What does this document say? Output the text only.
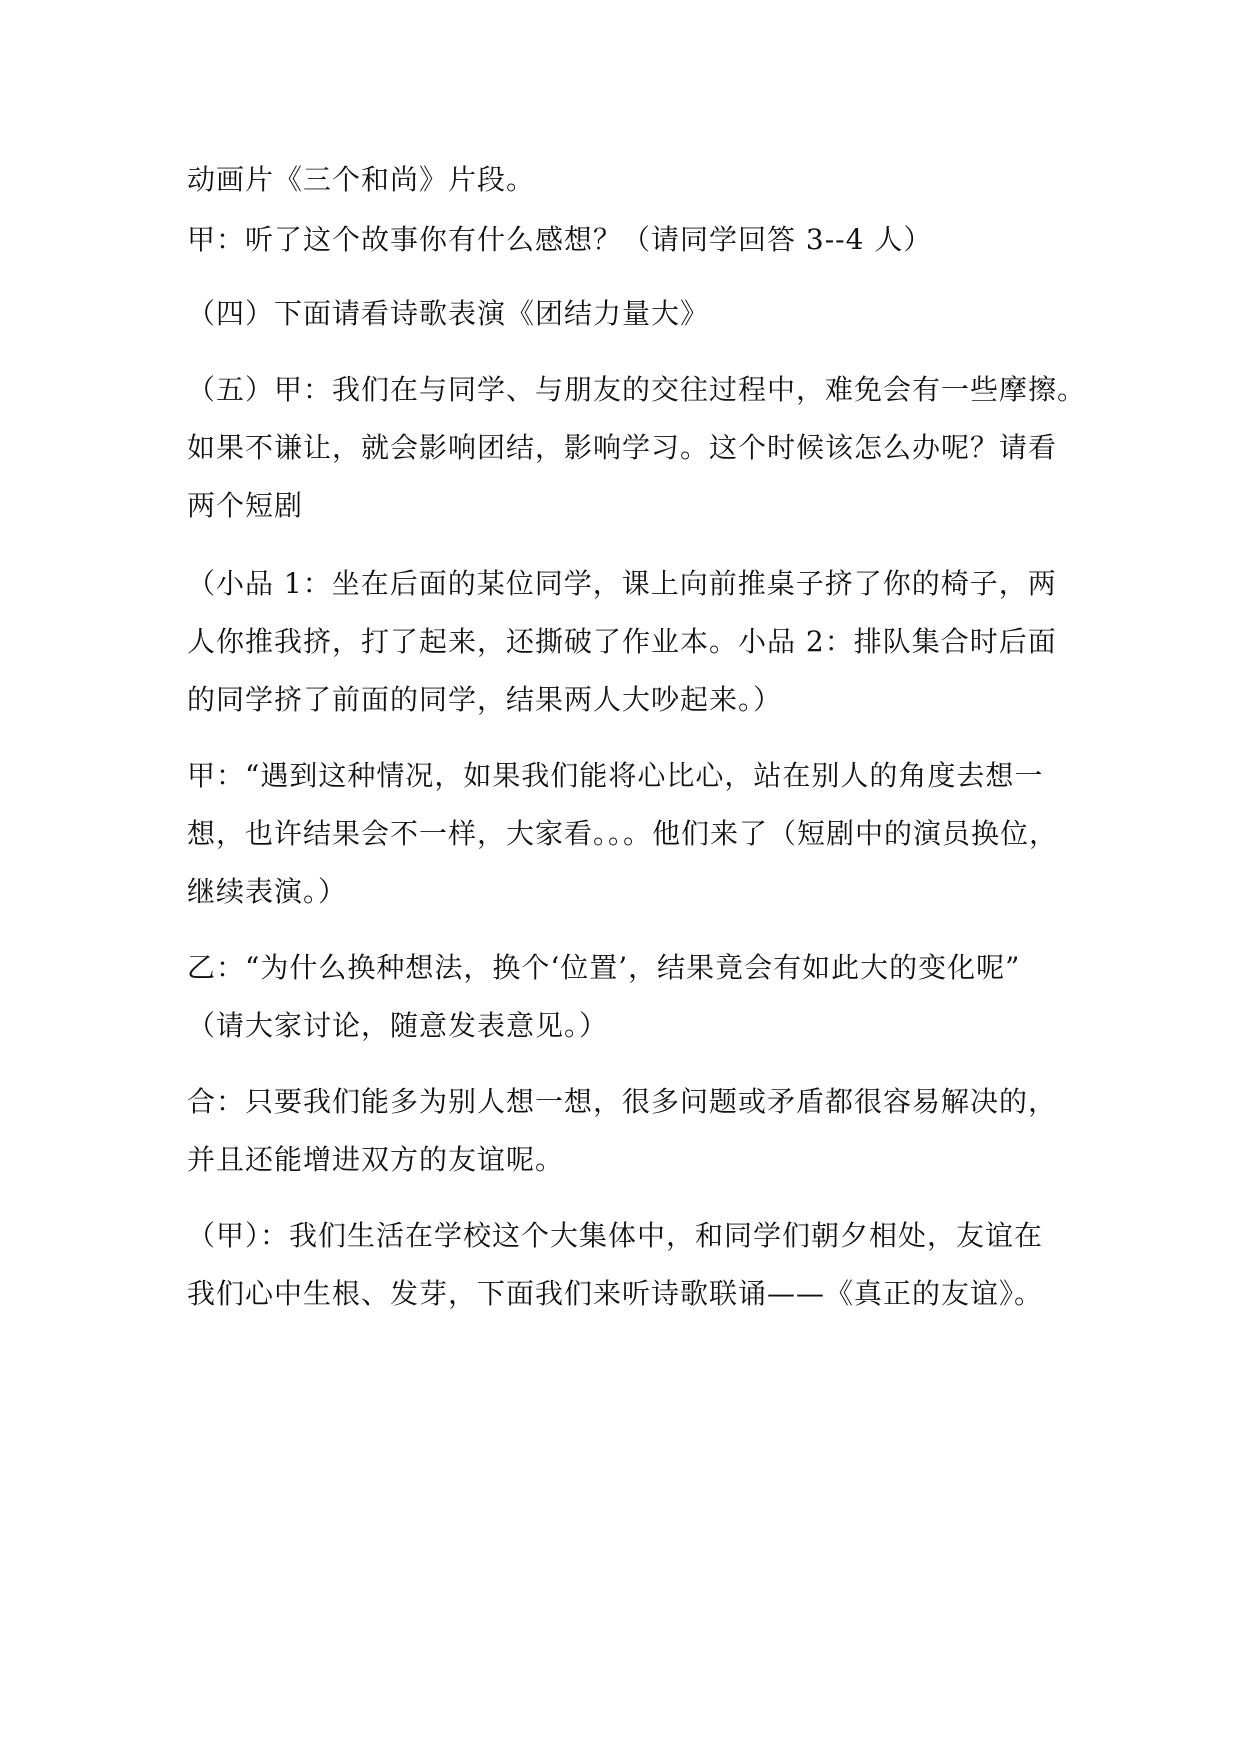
动画片《三个和尚》片段。
甲：听了这个故事你有什么感想？（请同学回答 3--4 人）
（四）下面请看诗歌表演《团结力量大》
（五）甲：我们在与同学、与朋友的交往过程中，难免会有一些摩擦。
如果不谦让，就会影响团结，影响学习。这个时候该怎么办呢？请看
两个短剧
（小品 1：坐在后面的某位同学，课上向前推桌子挤了你的椅子，两
人你推我挤，打了起来，还撕破了作业本。小品 2：排队集合时后面
的同学挤了前面的同学，结果两人大吵起来。）
甲：“遇到这种情况，如果我们能将心比心，站在别人的角度去想一
想，也许结果会不一样，大家看。。。他们来了（短剧中的演员换位，
继续表演。）
乙：“为什么换种想法，换个‘位置’，结果竟会有如此大的变化呢”
（请大家讨论，随意发表意见。）
合：只要我们能多为别人想一想，很多问题或矛盾都很容易解决的，
并且还能增进双方的友谊呢。
（甲）：我们生活在学校这个大集体中，和同学们朝夕相处，友谊在
我们心中生根、发芽，下面我们来听诗歌联诵——《真正的友谊》。
